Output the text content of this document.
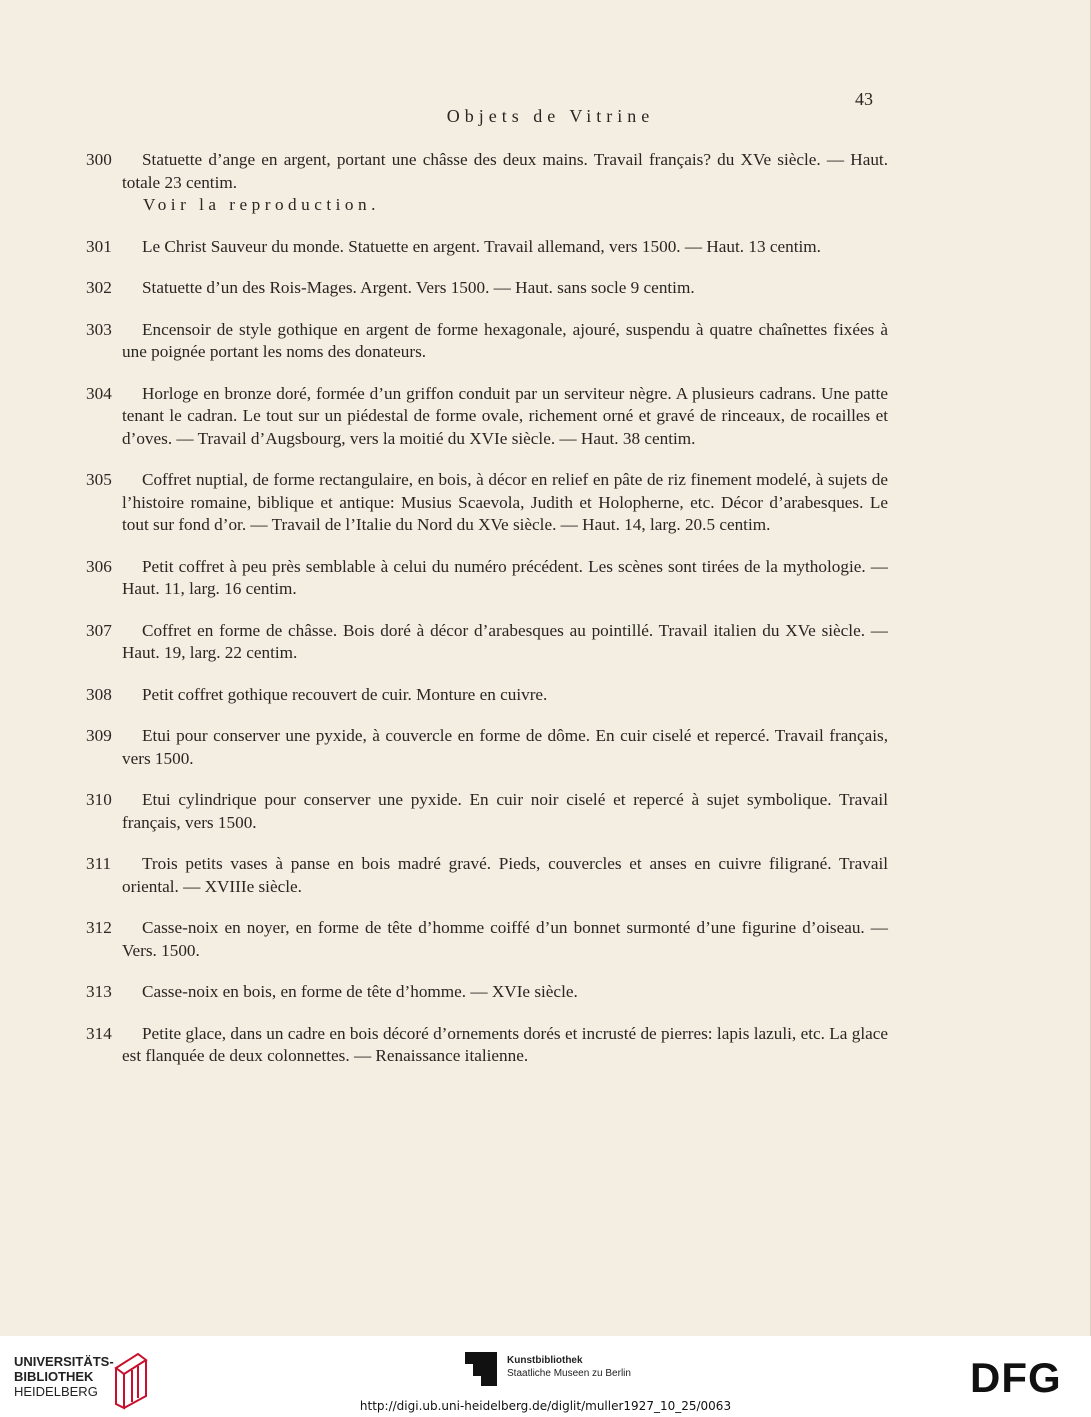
43
Objets de Vitrine
300	Statuette d’ange en argent, portant une châsse des deux mains. Travail français? du XVe siècle. — Haut. totale 23 centim.
Voir la reproduction.
301	Le Christ Sauveur du monde. Statuette en argent. Travail allemand, vers 1500. — Haut. 13 centim.
302	Statuette d’un des Rois-Mages. Argent. Vers 1500. — Haut. sans socle 9 centim.
303	Encensoir de style gothique en argent de forme hexagonale, ajouré, suspendu à quatre chaînettes fixées à une poignée portant les noms des donateurs.
304	Horloge en bronze doré, formée d’un griffon conduit par un serviteur nègre. A plusieurs cadrans. Une patte tenant le cadran. Le tout sur un piédestal de forme ovale, richement orné et gravé de rinceaux, de rocailles et d’oves. — Travail d’Augsbourg, vers la moitié du XVIe siècle. — Haut. 38 centim.
305	Coffret nuptial, de forme rectangulaire, en bois, à décor en relief en pâte de riz finement modelé, à sujets de l’histoire romaine, biblique et antique: Musius Scaevola, Judith et Holopherne, etc. Décor d’arabesques. Le tout sur fond d’or. — Travail de l’Italie du Nord du XVe siècle. — Haut. 14, larg. 20.5 centim.
306	Petit coffret à peu près semblable à celui du numéro précédent. Les scènes sont tirées de la mythologie. — Haut. 11, larg. 16 centim.
307	Coffret en forme de châsse. Bois doré à décor d’arabesques au pointillé. Travail italien du XVe siècle. — Haut. 19, larg. 22 centim.
308	Petit coffret gothique recouvert de cuir. Monture en cuivre.
309	Etui pour conserver une pyxide, à couvercle en forme de dôme. En cuir ciselé et repercé. Travail français, vers 1500.
310	Etui cylindrique pour conserver une pyxide. En cuir noir ciselé et repercé à sujet symbolique. Travail français, vers 1500.
311	Trois petits vases à panse en bois madré gravé. Pieds, couvercles et anses en cuivre filigrané. Travail oriental. — XVIIIe siècle.
312	Casse-noix en noyer, en forme de tête d’homme coiffé d’un bonnet surmonté d’une figurine d’oiseau. — Vers. 1500.
313	Casse-noix en bois, en forme de tête d’homme. — XVIe siècle.
314	Petite glace, dans un cadre en bois décoré d’ornements dorés et incrusté de pierres: lapis lazuli, etc. La glace est flanquée de deux colonnettes. — Renaissance italienne.
UNIVERSITÄTS-
BIBLIOTHEK
HEIDELBERG
Kunstbibliothek
Staatliche Museen zu Berlin	DFG
http://digi.ub.uni-heidelberg.de/diglit/muller1927_10_25/0063
